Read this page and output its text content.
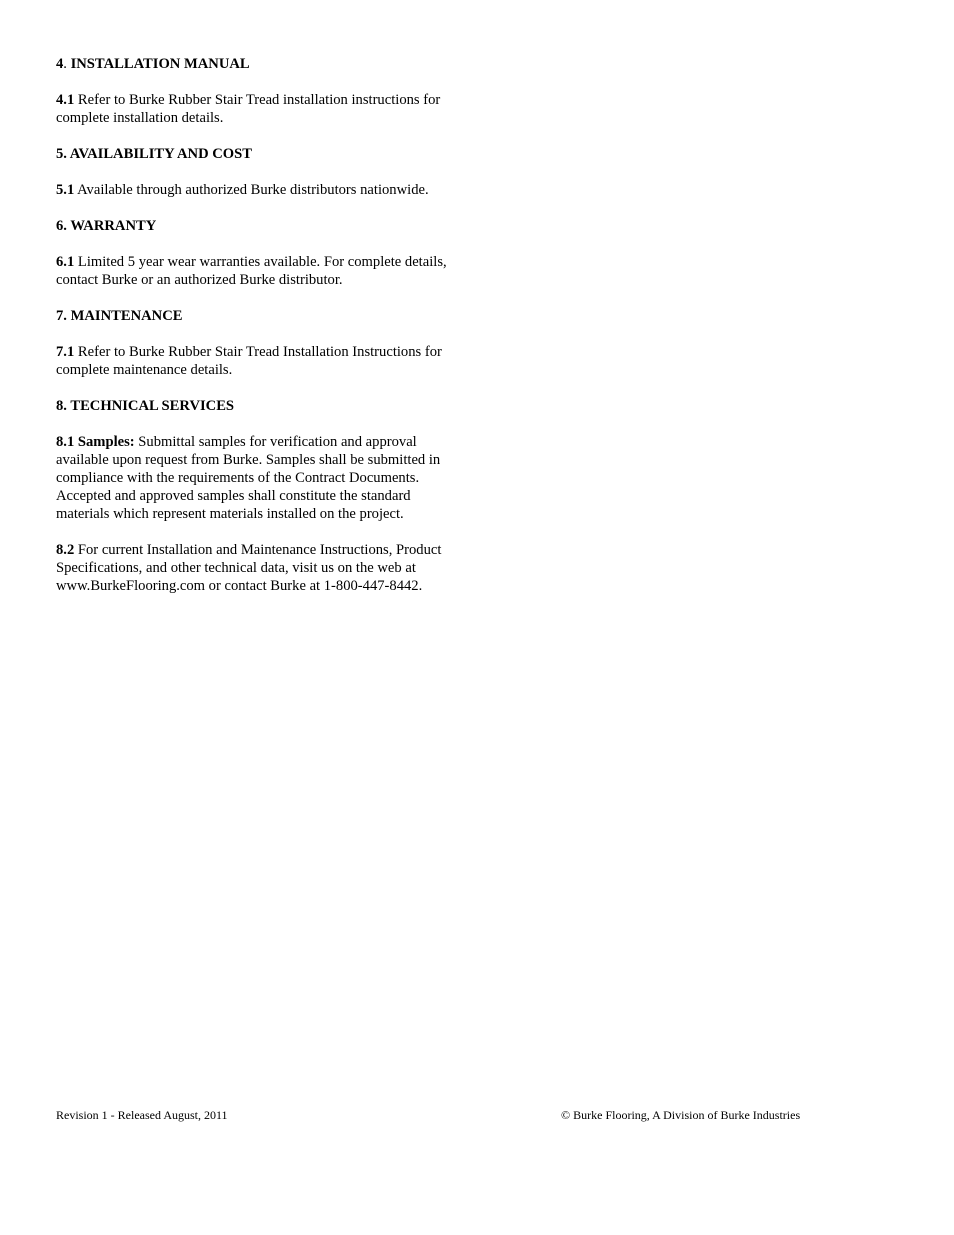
4. INSTALLATION MANUAL

4.1 Refer to Burke Rubber Stair Tread installation instructions for complete installation details.

5. AVAILABILITY AND COST

5.1 Available through authorized Burke distributors nationwide.

6. WARRANTY

6.1 Limited 5 year wear warranties available. For complete details, contact Burke or an authorized Burke distributor.

7. MAINTENANCE

7.1 Refer to Burke Rubber Stair Tread Installation Instructions for complete maintenance details.

8. TECHNICAL SERVICES

8.1 Samples: Submittal samples for verification and approval available upon request from Burke. Samples shall be submitted in compliance with the requirements of the Contract Documents. Accepted and approved samples shall constitute the standard materials which represent materials installed on the project.

8.2 For current Installation and Maintenance Instructions, Product Specifications, and other technical data, visit us on the web at www.BurkeFlooring.com or contact Burke at 1-800-447-8442.

Revision 1 - Released August, 2011	© Burke Flooring, A Division of Burke Industries
